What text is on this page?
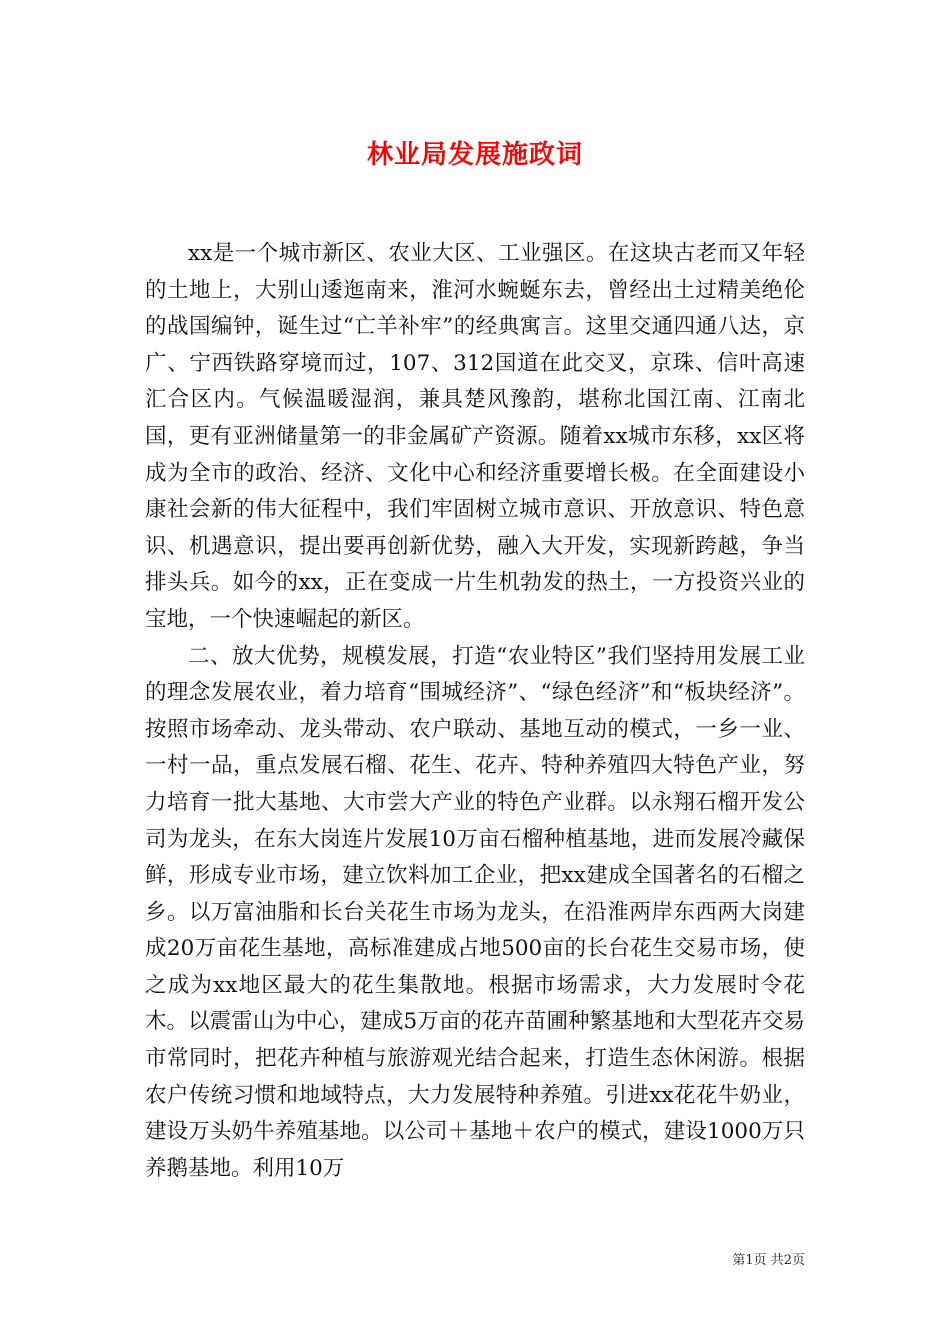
林业局发展施政词

xx是一个城市新区、农业大区、工业强区。在这块古老而又年轻的土地上，大别山逶迤南来，淮河水蜿蜒东去，曾经出土过精美绝伦的战国编钟，诞生过“亡羊补牢”的经典寓言。这里交通四通八达，京广、宁西铁路穿境而过，107、312国道在此交叉，京珠、信叶高速汇合区内。气候温暖湿润，兼具楚风豫韵，堪称北国江南、江南北国，更有亚洲储量第一的非金属矿产资源。随着xx城市东移，xx区将成为全市的政治、经济、文化中心和经济重要增长极。在全面建设小康社会新的伟大征程中，我们牢固树立城市意识、开放意识、特色意识、机遇意识，提出要再创新优势，融入大开发，实现新跨越，争当排头兵。如今的xx，正在变成一片生机勃发的热土，一方投资兴业的宝地，一个快速崛起的新区。

二、放大优势，规模发展，打造“农业特区”我们坚持用发展工业的理念发展农业，着力培育“围城经济”、“绿色经济”和“板块经济”。按照市场牵动、龙头带动、农户联动、基地互动的模式，一乡一业、一村一品，重点发展石榴、花生、花卉、特种养殖四大特色产业，努力培育一批大基地、大市尝大产业的特色产业群。以永翔石榴开发公司为龙头，在东大岗连片发展10万亩石榴种植基地，进而发展冷藏保鲜，形成专业市场，建立饮料加工企业，把xx建成全国著名的石榴之乡。以万富油脂和长台关花生市场为龙头，在沿淮两岸东西两大岗建成20万亩花生基地，高标准建成占地500亩的长台花生交易市场，使之成为xx地区最大的花生集散地。根据市场需求，大力发展时令花木。以震雷山为中心，建成5万亩的花卉苗圃种繁基地和大型花卉交易市常同时，把花卉种植与旅游观光结合起来，打造生态休闲游。根据农户传统习惯和地域特点，大力发展特种养殖。引进xx花花牛奶业，建设万头奶牛养殖基地。以公司＋基地＋农户的模式，建设1000万只养鹅基地。利用10万

第1页 共2页
